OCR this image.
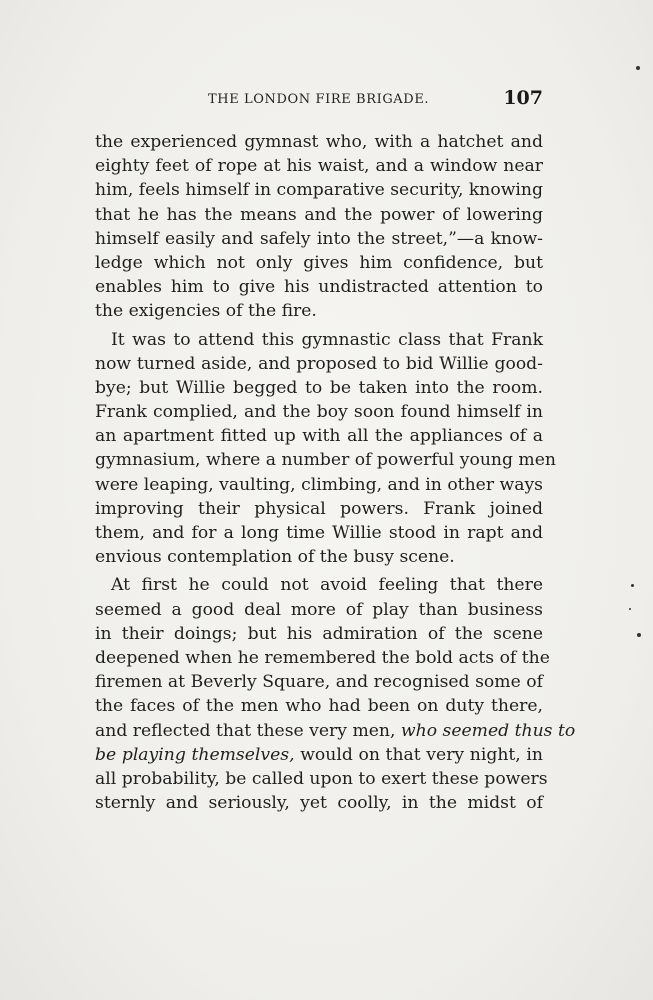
THE LONDON FIRE BRIGADE.	107
the experienced gymnast who, with a hatchet and
eighty feet of rope at his waist, and a window near
him, feels himself in comparative security, knowing
that he has the means and the power of lowering
himself easily and safely into the street,”—a know-
ledge which not only gives him confidence, but
enables him to give his undistracted attention to
the exigencies of the fire.
It was to attend this gymnastic class that Frank
now turned aside, and proposed to bid Willie good-
bye; but Willie begged to be taken into the room.
Frank complied, and the boy soon found himself in
an apartment fitted up with all the appliances of a
gymnasium, where a number of powerful young men
were leaping, vaulting, climbing, and in other ways
improving their physical powers. Frank joined
them, and for a long time Willie stood in rapt and
envious contemplation of the busy scene.
At first he could not avoid feeling that there
seemed a good deal more of play than business
in their doings; but his admiration of the scene
deepened when he remembered the bold acts of the
firemen at Beverly Square, and recognised some of
the faces of the men who had been on duty there,
and reflected that these very men, who seemed thus to
be playing themselves, would on that very night, in
all probability, be called upon to exert these powers
sternly and seriously, yet coolly, in the midst of
